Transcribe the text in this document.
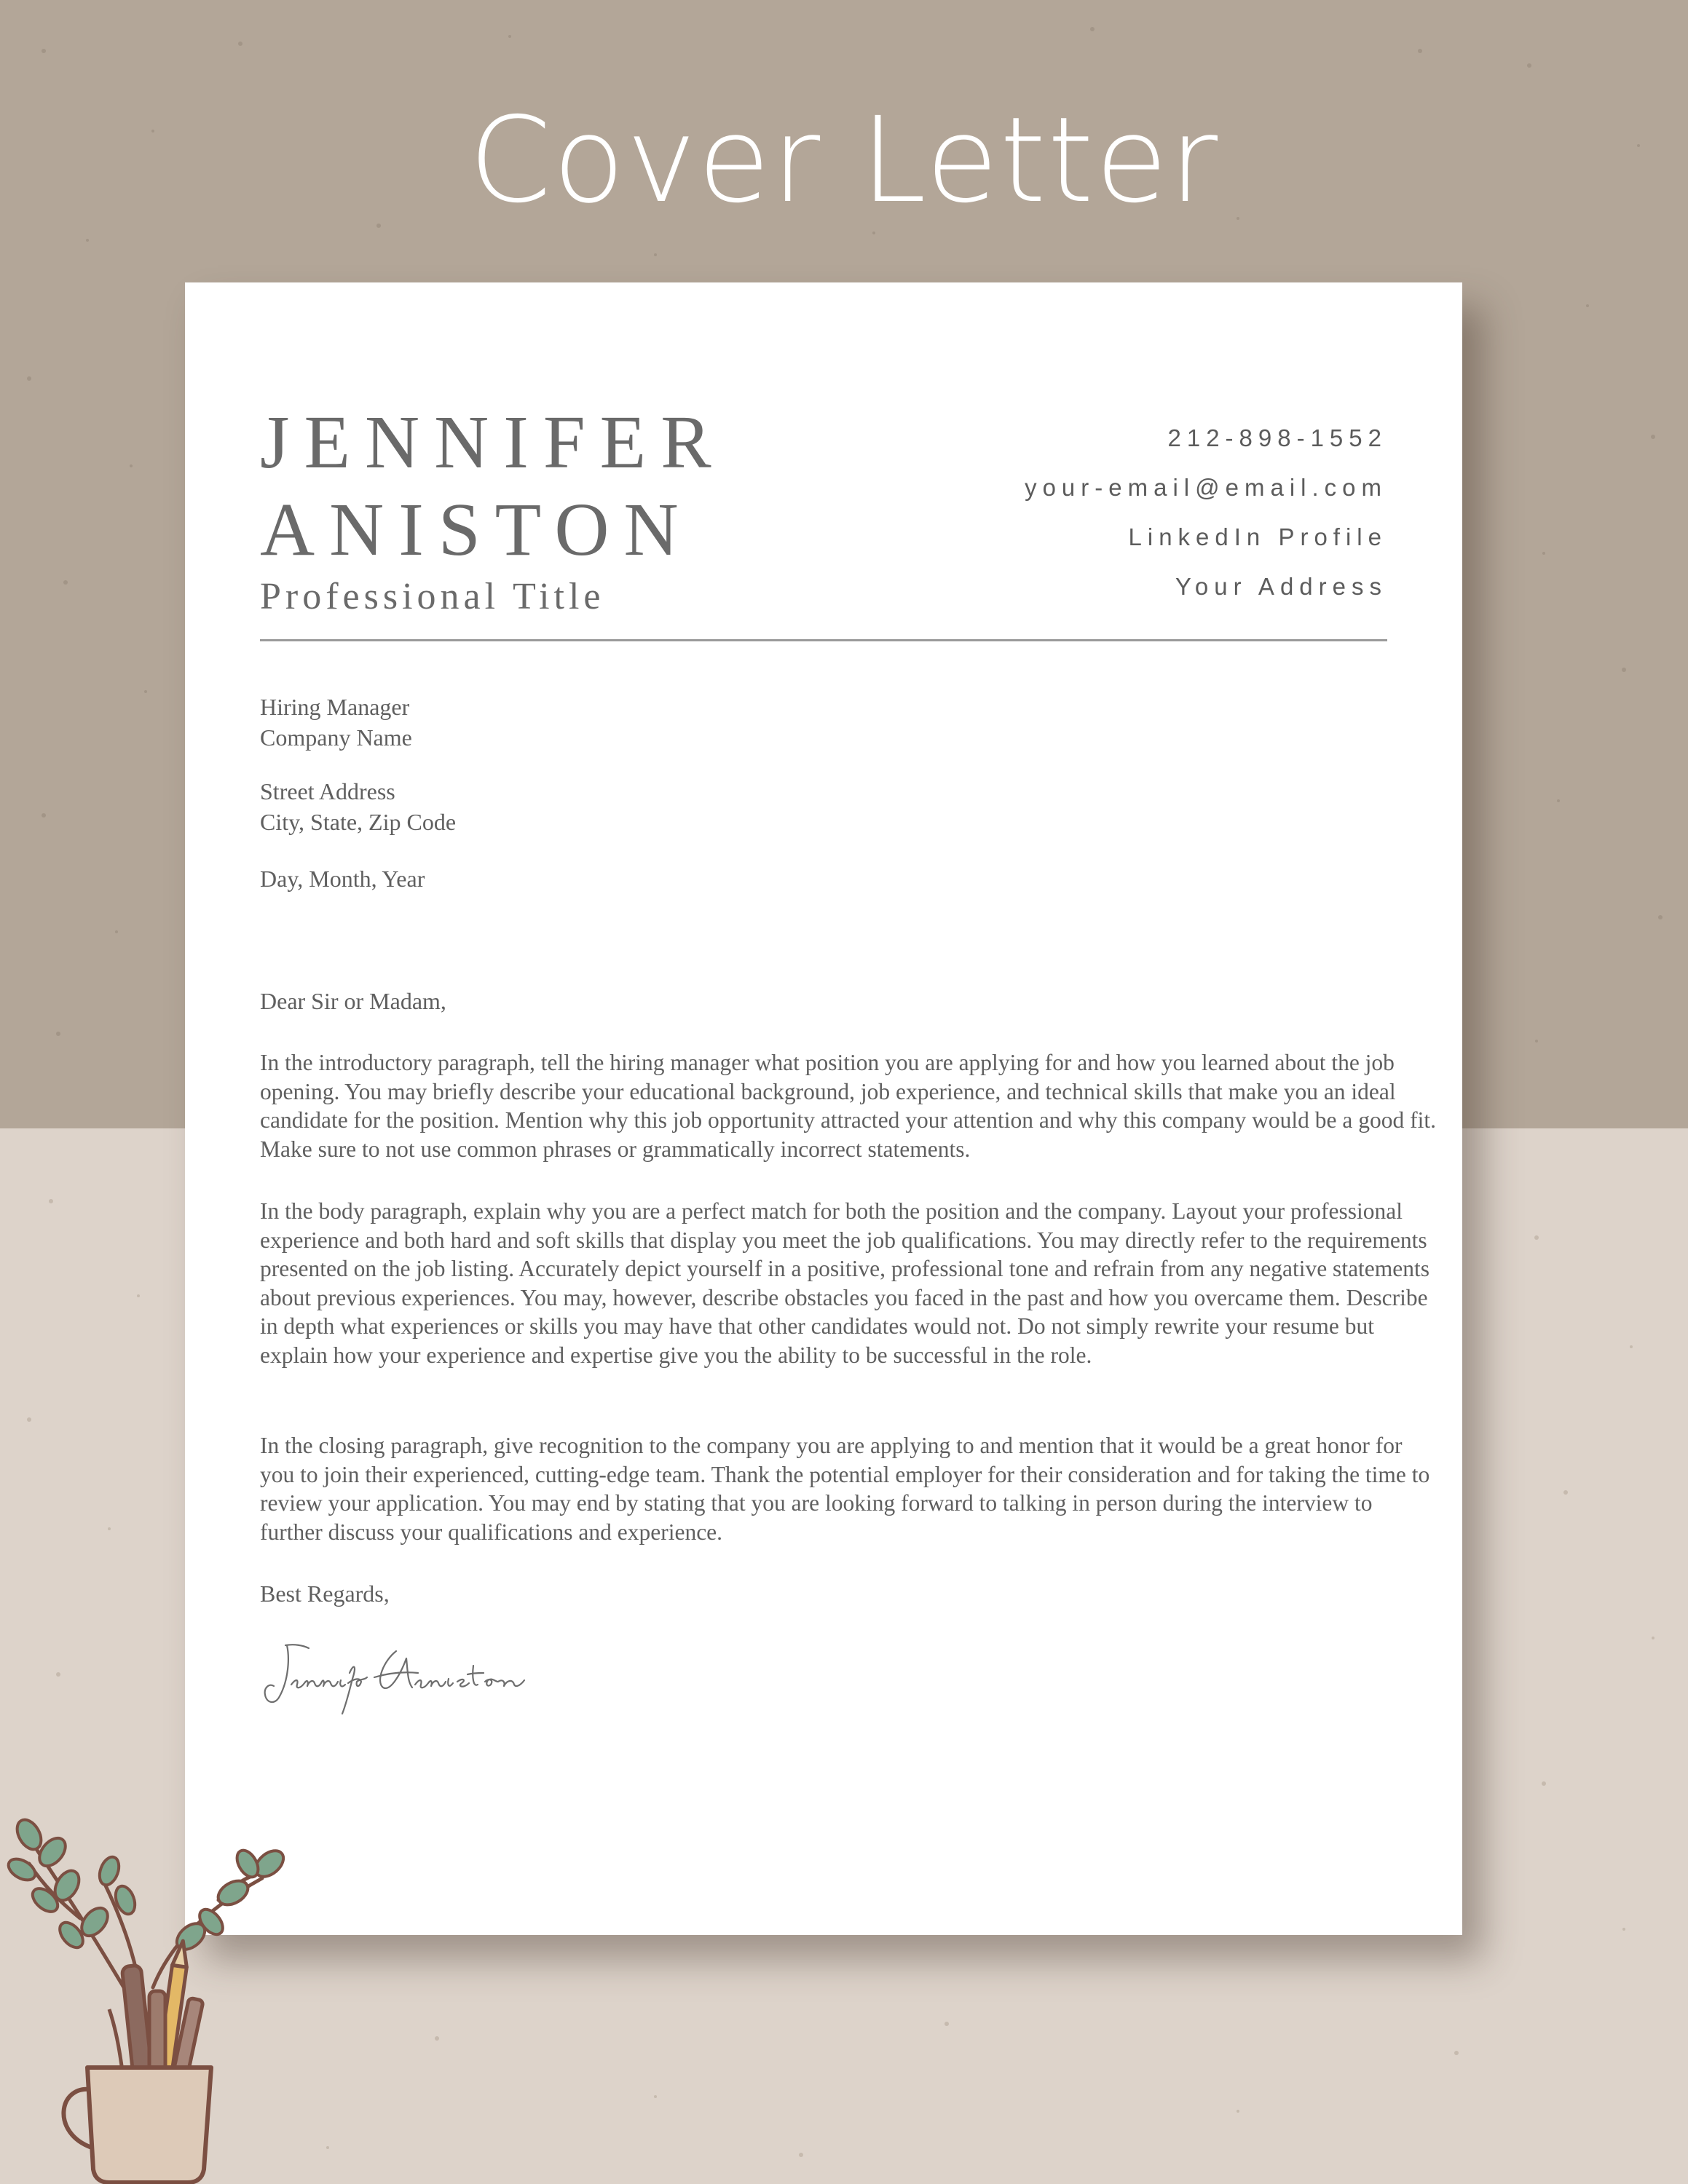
Cover Letter
JENNIFER
ANISTON
Professional Title
212-898-1552
your-email@email.com
LinkedIn Profile
Your Address
Hiring Manager
Company Name
Street Address
City, State, Zip Code
Day, Month, Year
Dear Sir or Madam,

In the introductory paragraph, tell the hiring manager what position you are applying for and how you learned about the job opening. You may briefly describe your educational background, job experience, and technical skills that make you an ideal candidate for the position. Mention why this job opportunity attracted your attention and why this company would be a good fit. Make sure to not use common phrases or grammatically incorrect statements.

In the body paragraph, explain why you are a perfect match for both the position and the company. Layout your professional experience and both hard and soft skills that display you meet the job qualifications. You may directly refer to the requirements presented on the job listing. Accurately depict yourself in a positive, professional tone and refrain from any negative statements about previous experiences. You may, however, describe obstacles you faced in the past and how you overcame them. Describe in depth what experiences or skills you may have that other candidates would not. Do not simply rewrite your resume but explain how your experience and expertise give you the ability to be successful in the role.

In the closing paragraph, give recognition to the company you are applying to and mention that it would be a great honor for you to join their experienced, cutting-edge team. Thank the potential employer for their consideration and for taking the time to review your application. You may end by stating that you are looking forward to talking in person during the interview to further discuss your qualifications and experience.

Best Regards,
